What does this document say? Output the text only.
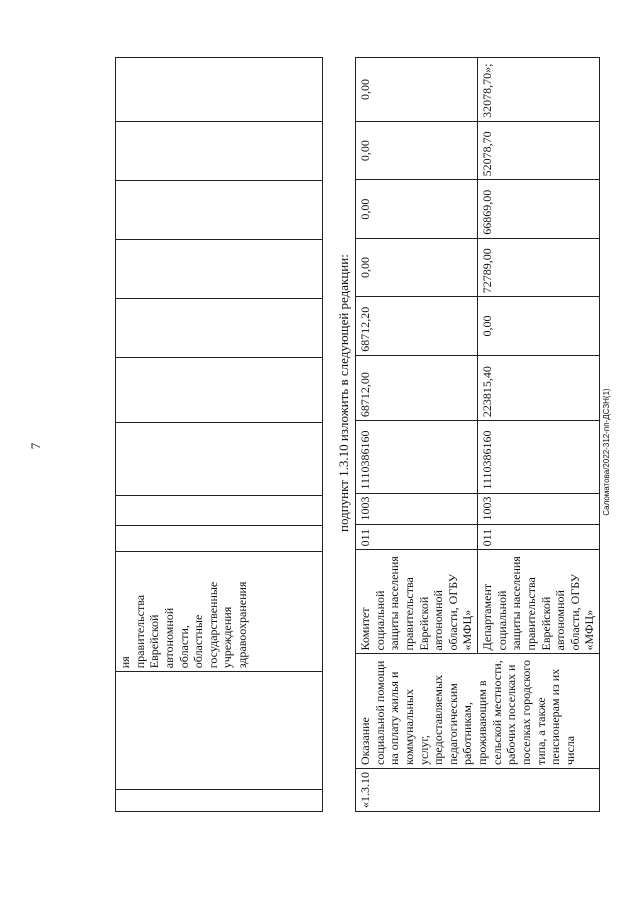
7	Саломатова/2022-312-пп-ДСЗН(1)
		ия
правительства
Еврейской
автономной
области,
областные
государственные
учреждения
здравоохранения									
подпункт 1.3.10 изложить в следующей редакции:
«1.3.10	Оказание социальной помощи на оплату жилья и коммунальных услуг, предоставляемых педагогическим работникам, проживающим в сельской местности, рабочих поселках и поселках городского типа, а также пенсионерам из их числа	Комитет социальной защиты населения правительства Еврейской автономной области, ОГБУ «МФЦ»	011	1003	1110386160	68712,00	68712,20	0,00	0,00	0,00	0,00
		Департамент социальной защиты населения правительства Еврейской автономной области, ОГБУ «МФЦ»	011	1003	1110386160	223815,40	0,00	72789,00	66869,00	52078,70	32078,70»;
